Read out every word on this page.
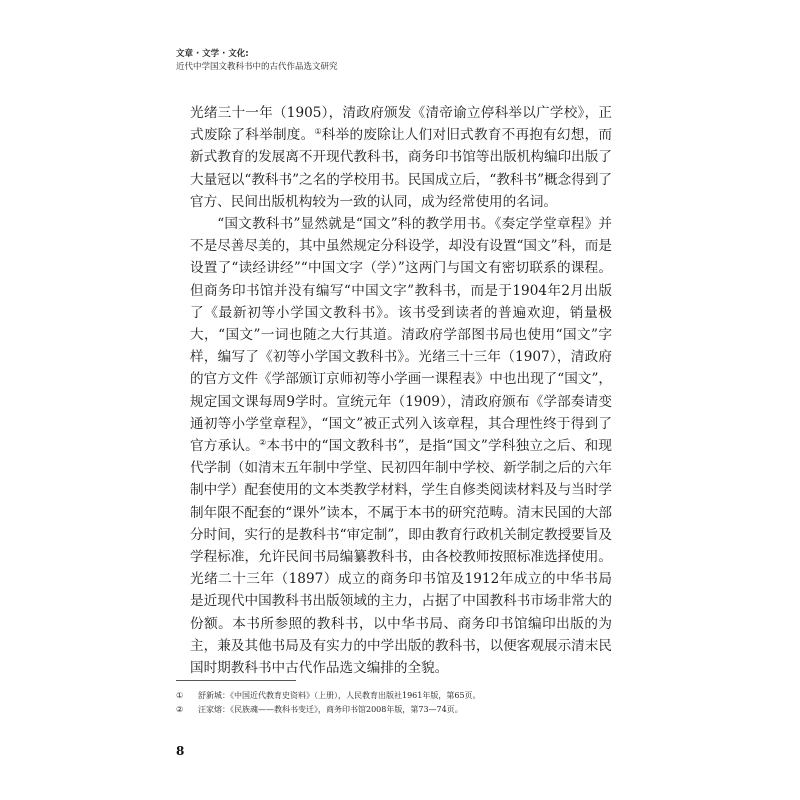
文章 · 文学 · 文化:
近代中学国文教科书中的古代作品选文研究

光绪三十一年（1905），清政府颁发《清帝谕立停科举以广学校》，正式废除了科举制度。①科举的废除让人们对旧式教育不再抱有幻想，而新式教育的发展离不开现代教科书，商务印书馆等出版机构编印出版了大量冠以“教科书”之名的学校用书。民国成立后，“教科书”概念得到了官方、民间出版机构较为一致的认同，成为经常使用的名词。

“国文教科书”显然就是“国文”科的教学用书。《奏定学堂章程》并不是尽善尽美的，其中虽然规定分科设学，却没有设置“国文”科，而是设置了“读经讲经”“中国文字（学）”这两门与国文有密切联系的课程。但商务印书馆并没有编写“中国文字”教科书，而是于1904年2月出版了《最新初等小学国文教科书》。该书受到读者的普遍欢迎，销量极大，“国文”一词也随之大行其道。清政府学部图书局也使用“国文”字样，编写了《初等小学国文教科书》。光绪三十三年（1907），清政府的官方文件《学部颁订京师初等小学画一课程表》中也出现了“国文”，规定国文课每周9学时。宣统元年（1909），清政府颁布《学部奏请变通初等小学堂章程》，“国文”被正式列入该章程，其合理性终于得到了官方承认。②本书中的“国文教科书”，是指“国文”学科独立之后、和现代学制（如清末五年制中学堂、民初四年制中学校、新学制之后的六年制中学）配套使用的文本类教学材料，学生自修类阅读材料及与当时学制年限不配套的“课外”读本，不属于本书的研究范畴。清末民国的大部分时间，实行的是教科书“审定制”，即由教育行政机关制定教授要旨及学程标准，允许民间书局编纂教科书，由各校教师按照标准选择使用。光绪二十三年（1897）成立的商务印书馆及1912年成立的中华书局是近现代中国教科书出版领域的主力，占据了中国教科书市场非常大的份额。本书所参照的教科书，以中华书局、商务印书馆编印出版的为主，兼及其他书局及有实力的中学出版的教科书，以便客观展示清末民国时期教科书中古代作品选文编排的全貌。

①	舒新城：《中国近代教育史资料》（上册），人民教育出版社1961年版，第65页。
②	汪家熔：《民族魂——教科书变迁》，商务印书馆2008年版，第73—74页。
8
